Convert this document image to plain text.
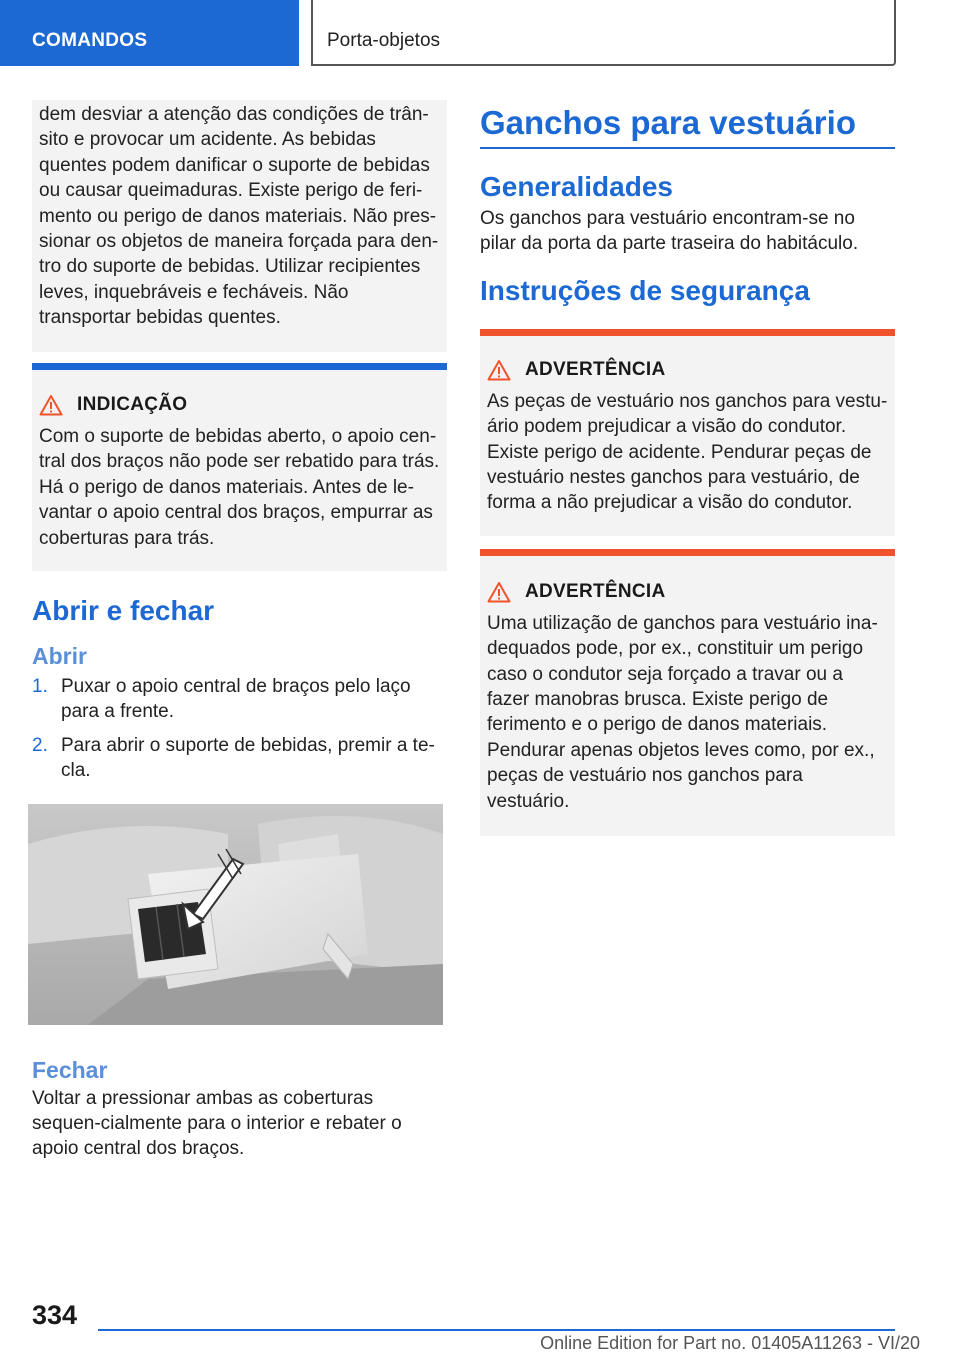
COMANDOS	Porta-objetos

dem desviar a atenção das condições de trân-sito e provocar um acidente. As bebidas quentes podem danificar o suporte de bebidas ou causar queimaduras. Existe perigo de feri-mento ou perigo de danos materiais. Não pres-sionar os objetos de maneira forçada para den-tro do suporte de bebidas. Utilizar recipientes leves, inquebráveis e fecháveis. Não transportar bebidas quentes.

INDICAÇÃO

Com o suporte de bebidas aberto, o apoio cen-tral dos braços não pode ser rebatido para trás. Há o perigo de danos materiais. Antes de le-vantar o apoio central dos braços, empurrar as coberturas para trás.

Abrir e fechar
Abrir
1. Puxar o apoio central de braços pelo laço para a frente.
2. Para abrir o suporte de bebidas, premir a te-cla.
Fechar

Voltar a pressionar ambas as coberturas sequen-cialmente para o interior e rebater o apoio central dos braços.

Ganchos para vestuário
Generalidades

Os ganchos para vestuário encontram-se no pilar da porta da parte traseira do habitáculo.

Instruções de segurança
ADVERTÊNCIA

As peças de vestuário nos ganchos para vestu-ário podem prejudicar a visão do condutor. Existe perigo de acidente. Pendurar peças de vestuário nestes ganchos para vestuário, de forma a não prejudicar a visão do condutor.

ADVERTÊNCIA

Uma utilização de ganchos para vestuário ina-dequados pode, por ex., constituir um perigo caso o condutor seja forçado a travar ou a fazer manobras brusca. Existe perigo de ferimento e o perigo de danos materiais. Pendurar apenas objetos leves como, por ex., peças de vestuário nos ganchos para vestuário.

334
Online Edition for Part no. 01405A11263 - VI/20
